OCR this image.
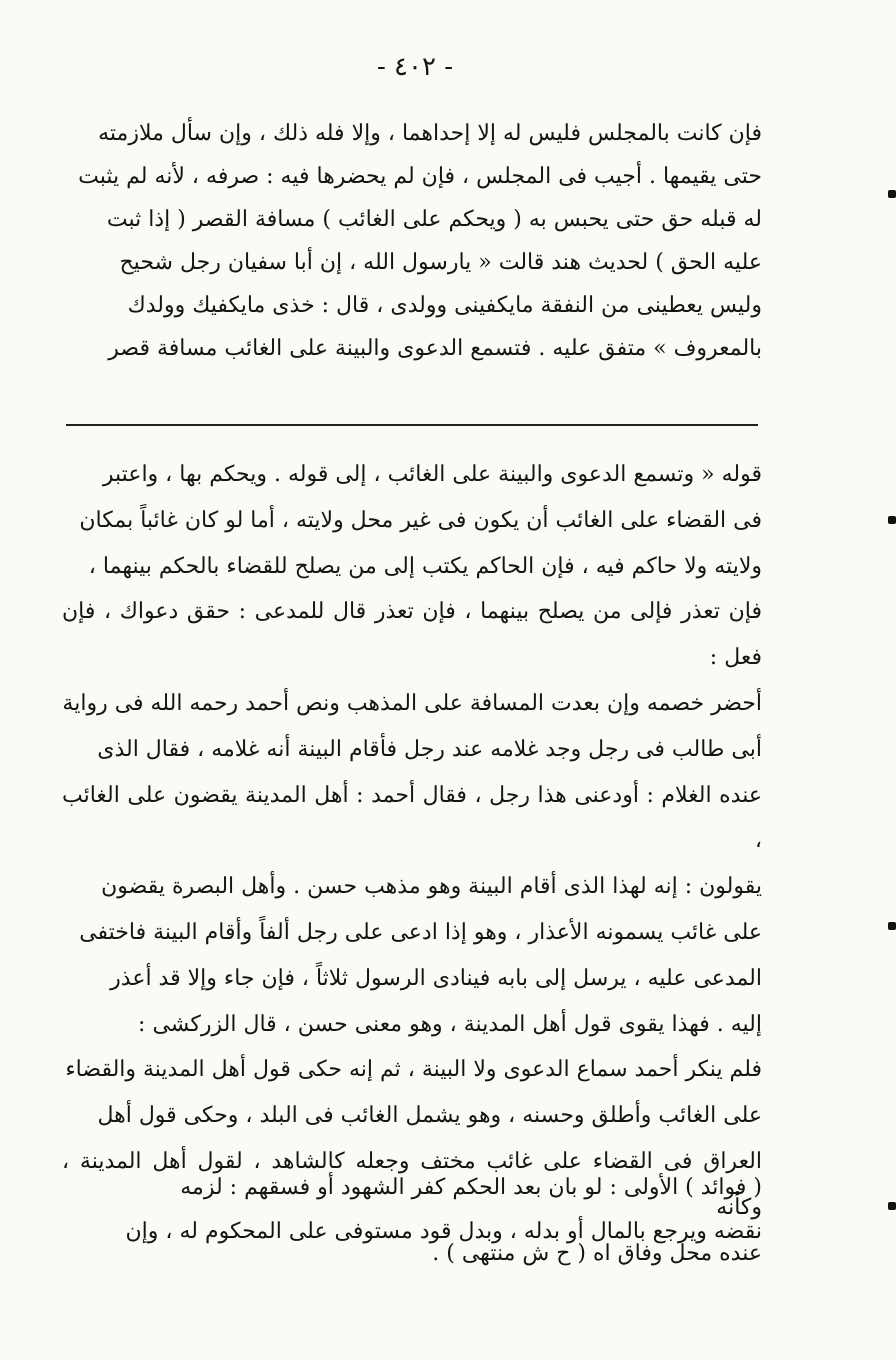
- ٤٠٢ -

فإن كانت بالمجلس فليس له إلا إحداهما ، وإلا فله ذلك ، وإن سأل ملازمته

حتى يقيمها . أجيب فى المجلس ، فإن لم يحضرها فيه : صرفه ، لأنه لم يثبت

له قبله حق حتى يحبس به ( ويحكم على الغائب ) مسافة القصر ( إذا ثبت

عليه الحق ) لحديث هند قالت « يارسول الله ، إن أبا سفيان رجل شحيح

وليس يعطينى من النفقة مايكفينى وولدى ، قال : خذى مايكفيك وولدك

بالمعروف » متفق عليه . فتسمع الدعوى والبينة على الغائب مسافة قصر

قوله « وتسمع الدعوى والبينة على الغائب ، إلى قوله . ويحكم بها ، واعتبر

فى القضاء على الغائب أن يكون فى غير محل ولايته ، أما لو كان غائباً بمكان

ولايته ولا حاكم فيه ، فإن الحاكم يكتب إلى من يصلح للقضاء بالحكم بينهما ،

فإن تعذر فإلى من يصلح بينهما ، فإن تعذر قال للمدعى : حقق دعواك ، فإن فعل :

أحضر خصمه وإن بعدت المسافة على المذهب ونص أحمد رحمه الله فى رواية

أبى طالب فى رجل وجد غلامه عند رجل فأقام البينة أنه غلامه ، فقال الذى

عنده الغلام : أودعنى هذا رجل ، فقال أحمد : أهل المدينة يقضون على الغائب ،

يقولون : إنه لهذا الذى أقام البينة وهو مذهب حسن . وأهل البصرة يقضون

على غائب يسمونه الأعذار ، وهو إذا ادعى على رجل ألفاً وأقام البينة فاختفى

المدعى عليه ، يرسل إلى بابه فينادى الرسول ثلاثاً ، فإن جاء وإلا قد أعذر

إليه . فهذا يقوى قول أهل المدينة ، وهو معنى حسن ، قال الزركشى :

فلم ينكر أحمد سماع الدعوى ولا البينة ، ثم إنه حكى قول أهل المدينة والقضاء

على الغائب وأطلق وحسنه ، وهو يشمل الغائب فى البلد ، وحكى قول أهل

العراق فى القضاء على غائب مختف وجعله كالشاهد ، لقول أهل المدينة ، وكأنه

عنده محل وفاق اه ( ح ش منتهى ) .

( فوائد ) الأولى : لو بان بعد الحكم كفر الشهود أو فسقهم : لزمه

نقضه ويرجع بالمال أو بدله ، وبدل قود مستوفى على المحكوم له ، وإن
